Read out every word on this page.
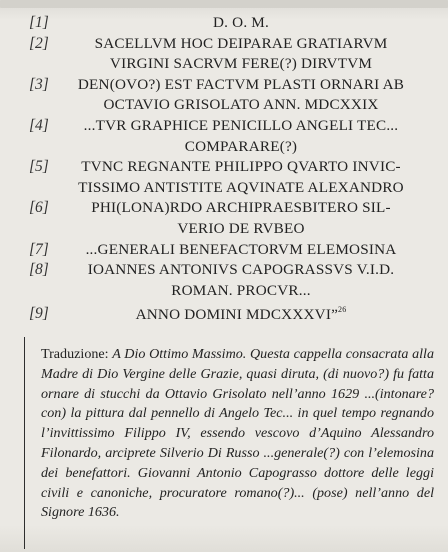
[1]	D. O. M.
[2]	SACELLVM HOC DEIPARAE GRATIARVM
VIRGINI SACRVM FERE(?) DIRVTVM
[3]	DEN(OVO?) EST FACTVM PLASTI ORNARI AB
OCTAVIO GRISOLATO ANN. MDCXXIX
[4]	...TVR GRAPHICE PENICILLO ANGELI TEC...
COMPARARE(?)
[5]	TVNC REGNANTE PHILIPPO QVARTO INVIC-
TISSIMO ANTISTITE AQVINATE ALEXANDRO
[6]	PHI(LONA)RDO ARCHIPRAESBITERO SIL-
VERIO DE RVBEO
[7]	...GENERALI BENEFACTORVM ELEMOSINA
[8]	IOANNES ANTONIVS CAPOGRASSVS V.I.D.
ROMAN. PROCVR...
[9]	ANNO DOMINI MDCXXXVI”$^{26}$
Traduzione: A Dio Ottimo Massimo. Questa cappella consacrata alla Madre di Dio Vergine delle Grazie, quasi diruta, (di nuovo?) fu fatta ornare di stucchi da Ottavio Grisolato nell’anno 1629 ...(intonare? con) la pittura dal pennello di Angelo Tec... in quel tempo regnando l’invittissimo Filippo IV, essendo vescovo d’Aquino Alessandro Filonardo, arciprete Silverio Di Russo ...generale(?) con l’elemosina dei benefattori. Giovanni Antonio Capograsso dottore delle leggi civili e canoniche, procuratore romano(?)... (pose) nell’anno del Signore 1636.
